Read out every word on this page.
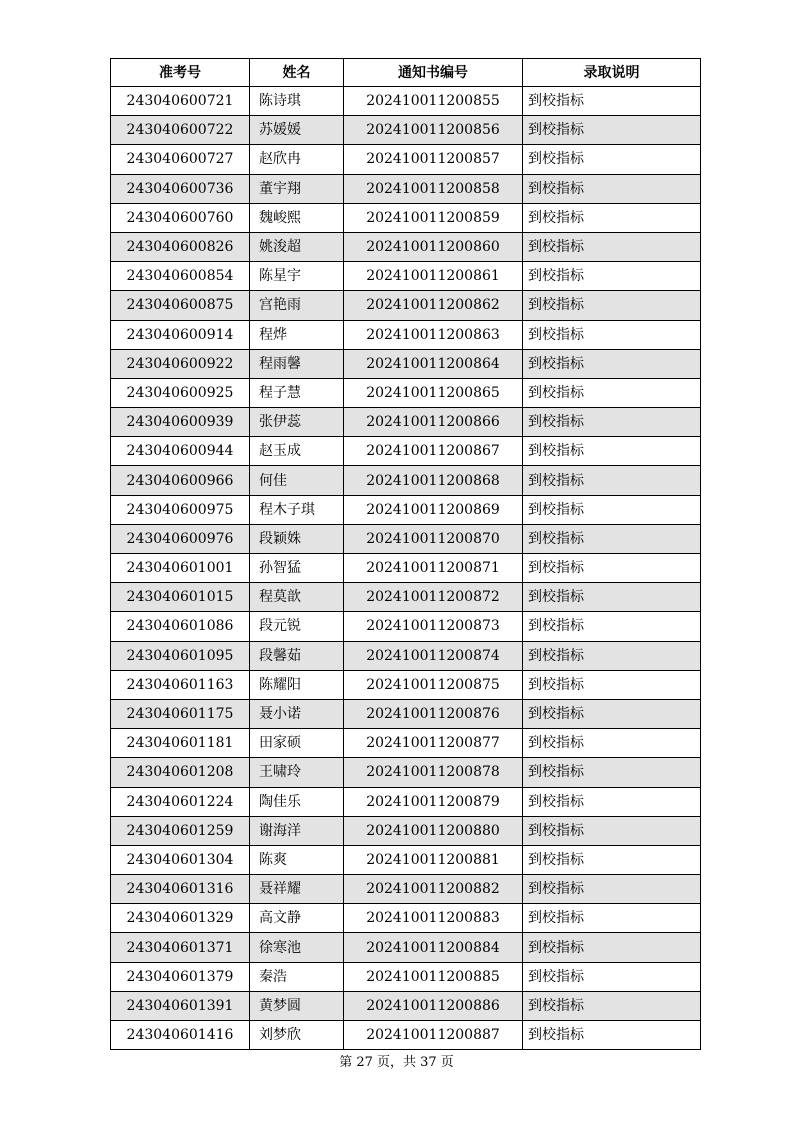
准考号	姓名	通知书编号	录取说明
243040600721	陈诗琪	202410011200855	到校指标
243040600722	苏媛媛	202410011200856	到校指标
243040600727	赵欣冉	202410011200857	到校指标
243040600736	董宇翔	202410011200858	到校指标
243040600760	魏峻熙	202410011200859	到校指标
243040600826	姚浚超	202410011200860	到校指标
243040600854	陈星宇	202410011200861	到校指标
243040600875	宫艳雨	202410011200862	到校指标
243040600914	程烨	202410011200863	到校指标
243040600922	程雨馨	202410011200864	到校指标
243040600925	程子慧	202410011200865	到校指标
243040600939	张伊蕊	202410011200866	到校指标
243040600944	赵玉成	202410011200867	到校指标
243040600966	何佳	202410011200868	到校指标
243040600975	程木子琪	202410011200869	到校指标
243040600976	段颖姝	202410011200870	到校指标
243040601001	孙智猛	202410011200871	到校指标
243040601015	程莫歆	202410011200872	到校指标
243040601086	段元锐	202410011200873	到校指标
243040601095	段馨茹	202410011200874	到校指标
243040601163	陈耀阳	202410011200875	到校指标
243040601175	聂小诺	202410011200876	到校指标
243040601181	田家硕	202410011200877	到校指标
243040601208	王啸玲	202410011200878	到校指标
243040601224	陶佳乐	202410011200879	到校指标
243040601259	谢海洋	202410011200880	到校指标
243040601304	陈爽	202410011200881	到校指标
243040601316	聂祥耀	202410011200882	到校指标
243040601329	高文静	202410011200883	到校指标
243040601371	徐寒池	202410011200884	到校指标
243040601379	秦浩	202410011200885	到校指标
243040601391	黄梦圆	202410011200886	到校指标
243040601416	刘梦欣	202410011200887	到校指标
第 27 页，共 37 页
